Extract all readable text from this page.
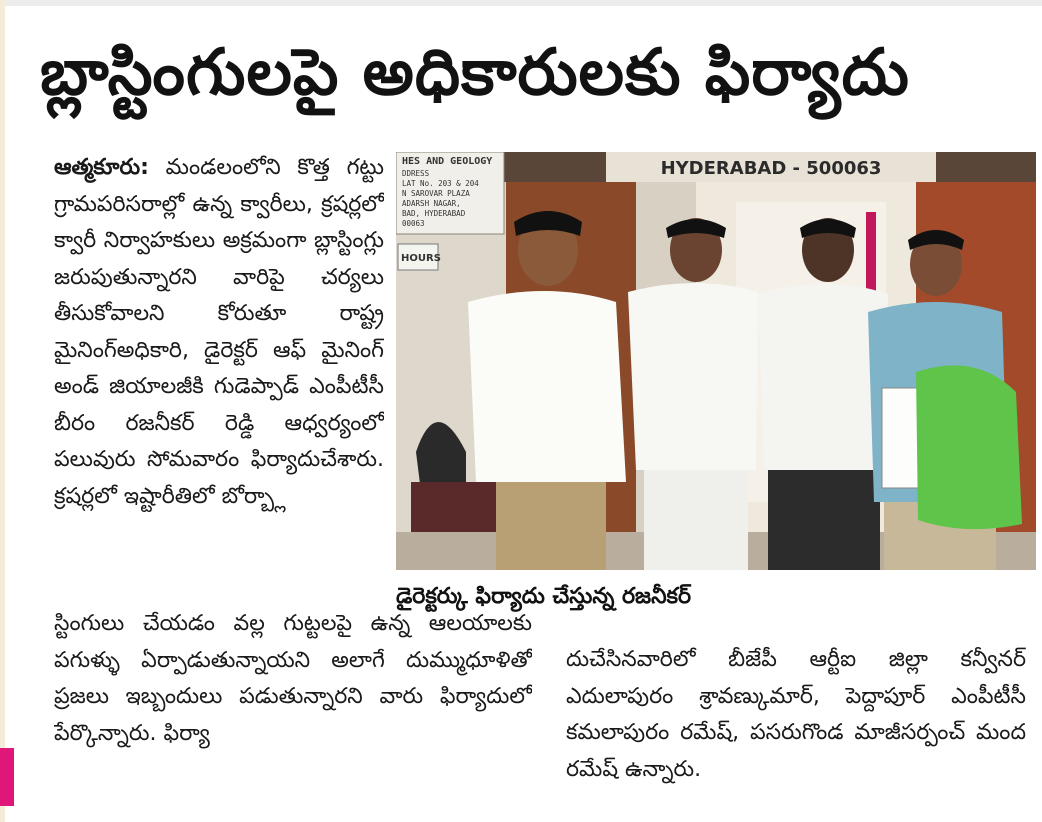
బ్లాస్టింగులపై అధికారులకు ఫిర్యాదు
ఆత్మకూరు: మండలంలోని కొత్త గట్టు గ్రామపరిసరాల్లో ఉన్న క్వారీలు, క్రషర్లలో క్వారీ నిర్వాహకులు అక్రమంగా బ్లాస్టింగ్లు జరుపుతున్నారని వారిపై చర్యలు తీసుకోవాలని కోరుతూ రాష్ట్ర మైనింగ్అధికారి, డైరెక్టర్ ఆఫ్ మైనింగ్ అండ్ జియాలజీకి గుడెప్పాడ్ ఎంపీటీసీ బీరం రజనీకర్ రెడ్డి ఆధ్వర్యంలో పలువురు సోమవారం ఫిర్యాదుచేశారు. క్రషర్లలో ఇష్టారీతిలో బోర్బ్లా
HYDERABAD - 500063
HES AND GEOLOGY
DDRESS
LAT No. 203 & 204
N SAROVAR PLAZA
ADARSH NAGAR,
BAD, HYDERABAD
00063
HOURS
డైరెక్టర్కు ఫిర్యాదు చేస్తున్న రజనీకర్
స్టింగులు చేయడం వల్ల గుట్టలపై ఉన్న ఆలయాలకు పగుళ్ళు ఏర్పాడుతున్నాయని అలాగే దుమ్ముధూళితో ప్రజలు ఇబ్బందులు పడుతున్నారని వారు ఫిర్యాదులో పేర్కొన్నారు. ఫిర్యా
దుచేసినవారిలో బీజేపీ ఆర్టీఐ జిల్లా కన్వీనర్ ఎదులాపురం శ్రావణ్కుమార్, పెద్దాపూర్ ఎంపీటీసీ కమలాపురం రమేష్, పసరుగొండ మాజీసర్పంచ్ మంద రమేష్ ఉన్నారు.
